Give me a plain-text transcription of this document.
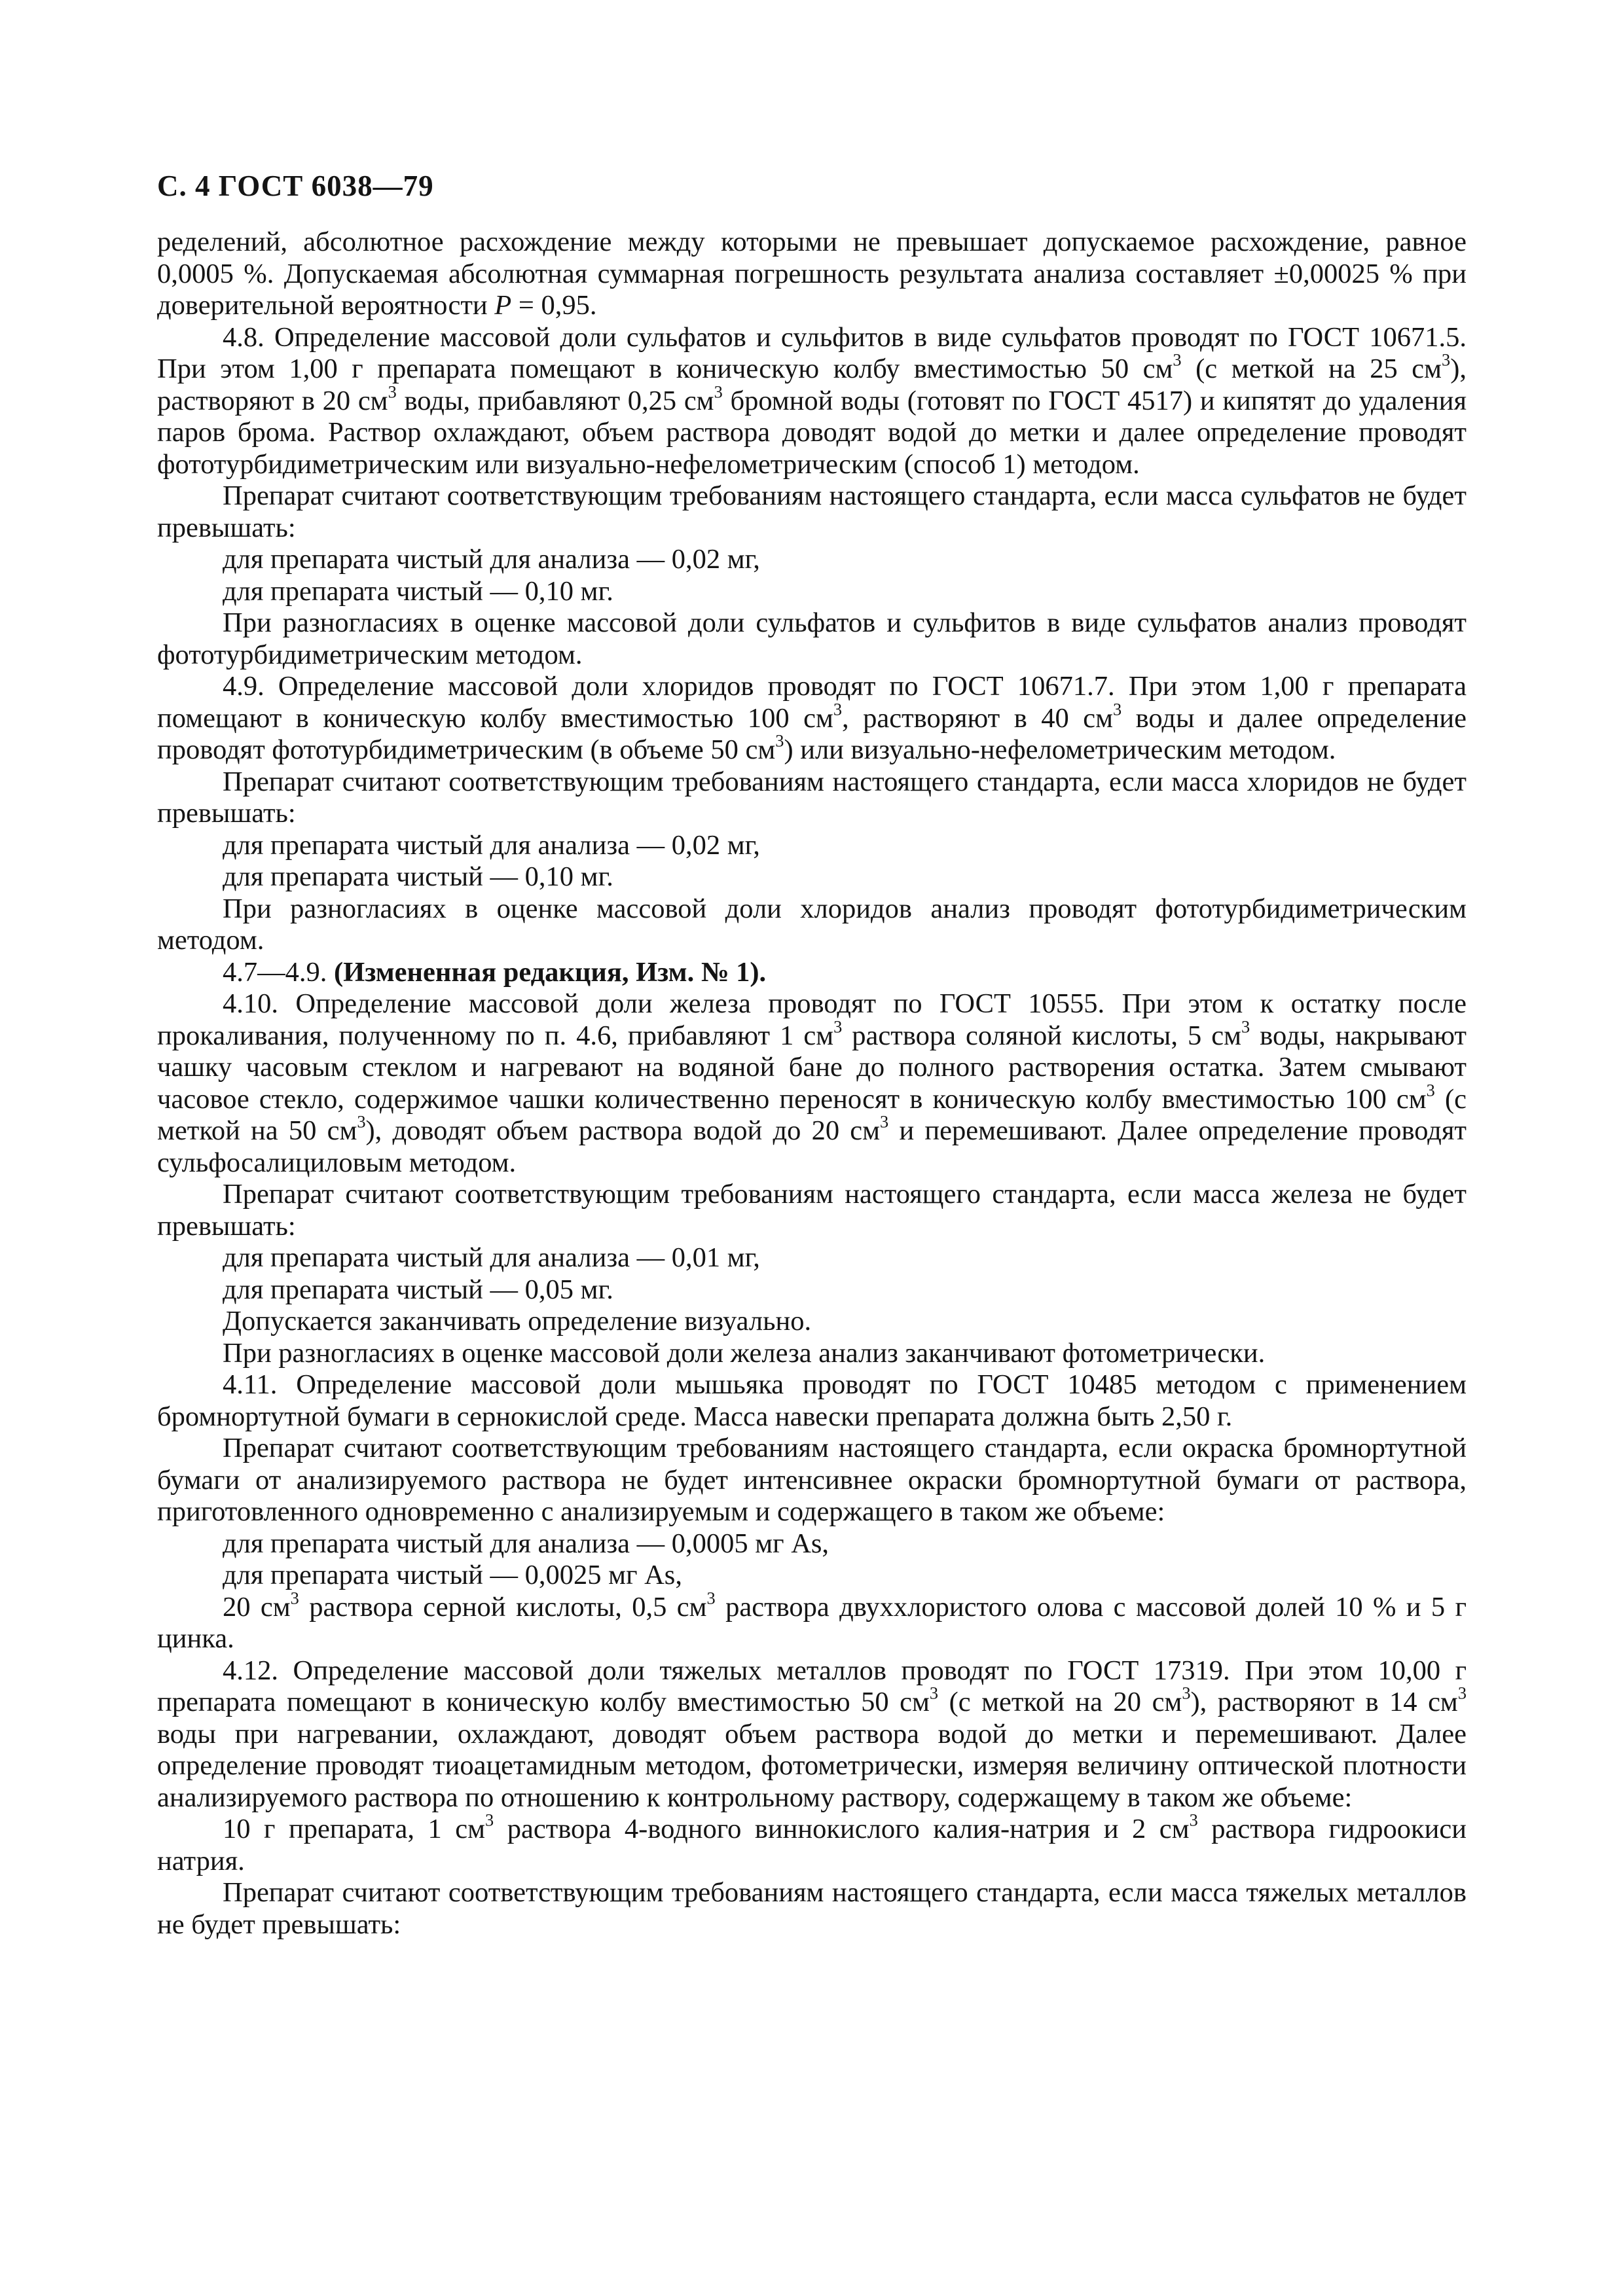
С. 4 ГОСТ 6038—79

ределений, абсолютное расхождение между которыми не превышает допускаемое расхождение, равное 0,0005 %. Допускаемая абсолютная суммарная погрешность результата анализа составляет ±0,00025 % при доверительной вероятности P = 0,95.

4.8. Определение массовой доли сульфатов и сульфитов в виде сульфатов проводят по ГОСТ 10671.5. При этом 1,00 г препарата помещают в коническую колбу вместимостью 50 $см^3$ (с меткой на 25 $см^3$), растворяют в 20 $см^3$ воды, прибавляют 0,25 $см^3$ бромной воды (готовят по ГОСТ 4517) и кипятят до удаления паров брома. Раствор охлаждают, объем раствора доводят водой до метки и далее определение проводят фототурбидиметрическим или визуально-нефелометрическим (способ 1) методом.

Препарат считают соответствующим требованиям настоящего стандарта, если масса сульфатов не будет превышать:

для препарата чистый для анализа — 0,02 мг,

для препарата чистый — 0,10 мг.

При разногласиях в оценке массовой доли сульфатов и сульфитов в виде сульфатов анализ проводят фототурбидиметрическим методом.

4.9. Определение массовой доли хлоридов проводят по ГОСТ 10671.7. При этом 1,00 г препарата помещают в коническую колбу вместимостью 100 $см^3$, растворяют в 40 $см^3$ воды и далее определение проводят фототурбидиметрическим (в объеме 50 $см^3$) или визуально-нефелометрическим методом.

Препарат считают соответствующим требованиям настоящего стандарта, если масса хлоридов не будет превышать:

для препарата чистый для анализа — 0,02 мг,

для препарата чистый — 0,10 мг.

При разногласиях в оценке массовой доли хлоридов анализ проводят фототурбидиметрическим методом.

4.7—4.9. (Измененная редакция, Изм. № 1).

4.10. Определение массовой доли железа проводят по ГОСТ 10555. При этом к остатку после прокаливания, полученному по п. 4.6, прибавляют 1 $см^3$ раствора соляной кислоты, 5 $см^3$ воды, накрывают чашку часовым стеклом и нагревают на водяной бане до полного растворения остатка. Затем смывают часовое стекло, содержимое чашки количественно переносят в коническую колбу вместимостью 100 $см^3$ (с меткой на 50 $см^3$), доводят объем раствора водой до 20 $см^3$ и перемешивают. Далее определение проводят сульфосалициловым методом.

Препарат считают соответствующим требованиям настоящего стандарта, если масса железа не будет превышать:

для препарата чистый для анализа — 0,01 мг,

для препарата чистый — 0,05 мг.

Допускается заканчивать определение визуально.

При разногласиях в оценке массовой доли железа анализ заканчивают фотометрически.

4.11. Определение массовой доли мышьяка проводят по ГОСТ 10485 методом с применением бромнортутной бумаги в сернокислой среде. Масса навески препарата должна быть 2,50 г.

Препарат считают соответствующим требованиям настоящего стандарта, если окраска бромнортутной бумаги от анализируемого раствора не будет интенсивнее окраски бромнортутной бумаги от раствора, приготовленного одновременно с анализируемым и содержащего в таком же объеме:

для препарата чистый для анализа — 0,0005 мг As,

для препарата чистый — 0,0025 мг As,

20 $см^3$ раствора серной кислоты, 0,5 $см^3$ раствора двуххлористого олова с массовой долей 10 % и 5 г цинка.

4.12. Определение массовой доли тяжелых металлов проводят по ГОСТ 17319. При этом 10,00 г препарата помещают в коническую колбу вместимостью 50 $см^3$ (с меткой на 20 $см^3$), растворяют в 14 $см^3$ воды при нагревании, охлаждают, доводят объем раствора водой до метки и перемешивают. Далее определение проводят тиоацетамидным методом, фотометрически, измеряя величину оптической плотности анализируемого раствора по отношению к контрольному раствору, содержащему в таком же объеме:

10 г препарата, 1 $см^3$ раствора 4-водного виннокислого калия-натрия и 2 $см^3$ раствора гидроокиси натрия.

Препарат считают соответствующим требованиям настоящего стандарта, если масса тяжелых металлов не будет превышать:
